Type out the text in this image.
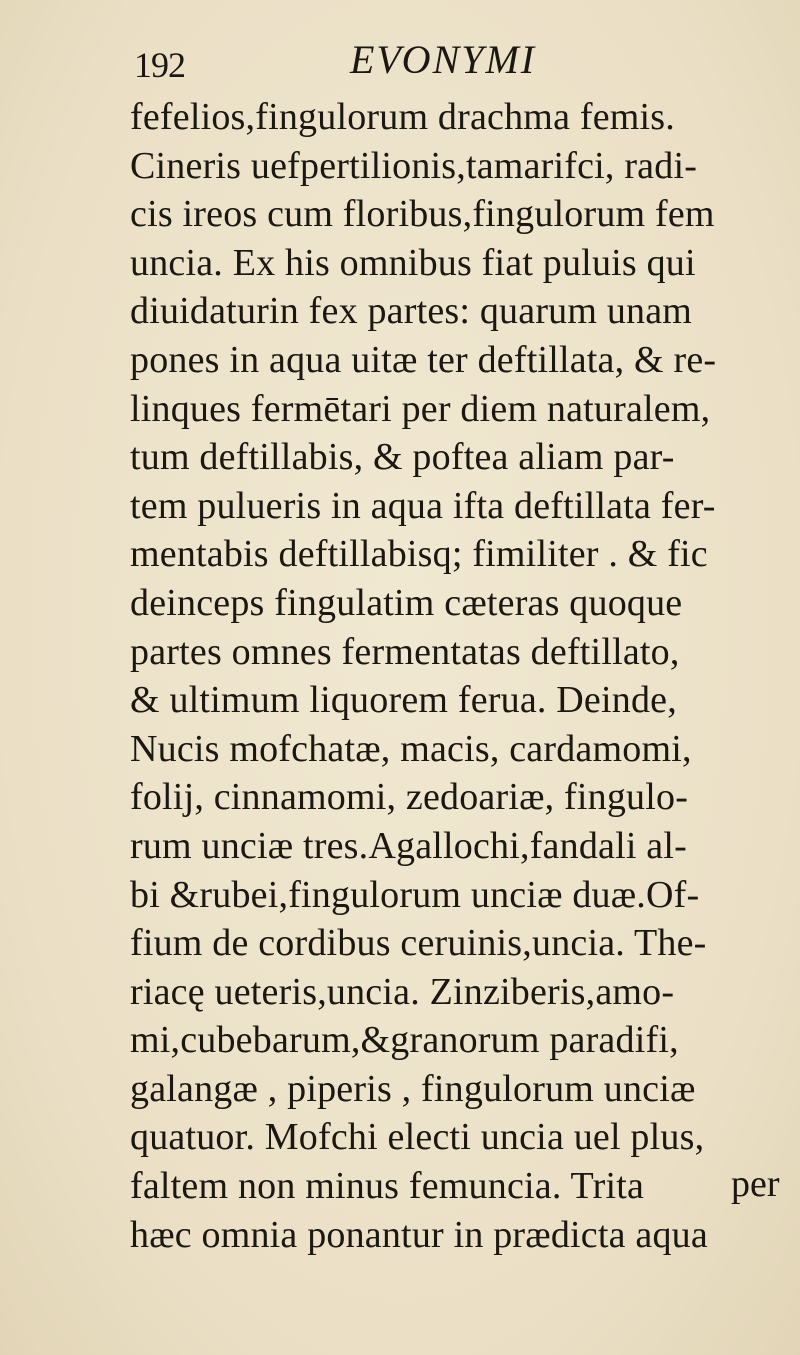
192	EVONYMI
fefelios,fingulorum drachma femis.
Cineris uefpertilionis,tamarifci, radi-
cis ireos cum floribus,fingulorum fem
uncia. Ex his omnibus fiat puluis qui
diuidaturin fex partes: quarum unam
pones in aqua uitæ ter deftillata, & re-
linques fermētari per diem naturalem,
tum deftillabis, & poftea aliam par-
tem pulueris in aqua ifta deftillata fer-
mentabis deftillabisq; fimiliter . & fic
deinceps fingulatim cæteras quoque
partes omnes fermentatas deftillato,
& ultimum liquorem ferua. Deinde,
Nucis mofchatæ, macis, cardamomi,
folij, cinnamomi, zedoariæ, fingulo-
rum unciæ tres.Agallochi,fandali al-
bi &rubei,fingulorum unciæ duæ.Of-
fium de cordibus ceruinis,uncia. The-
riacę ueteris,uncia. Zinziberis,amo-
mi,cubebarum,&granorum paradifi,
galangæ , piperis , fingulorum unciæ
quatuor. Mofchi electi uncia uel plus,
faltem non minus femuncia. Trita
hæc omnia ponantur in prædicta aqua
per
